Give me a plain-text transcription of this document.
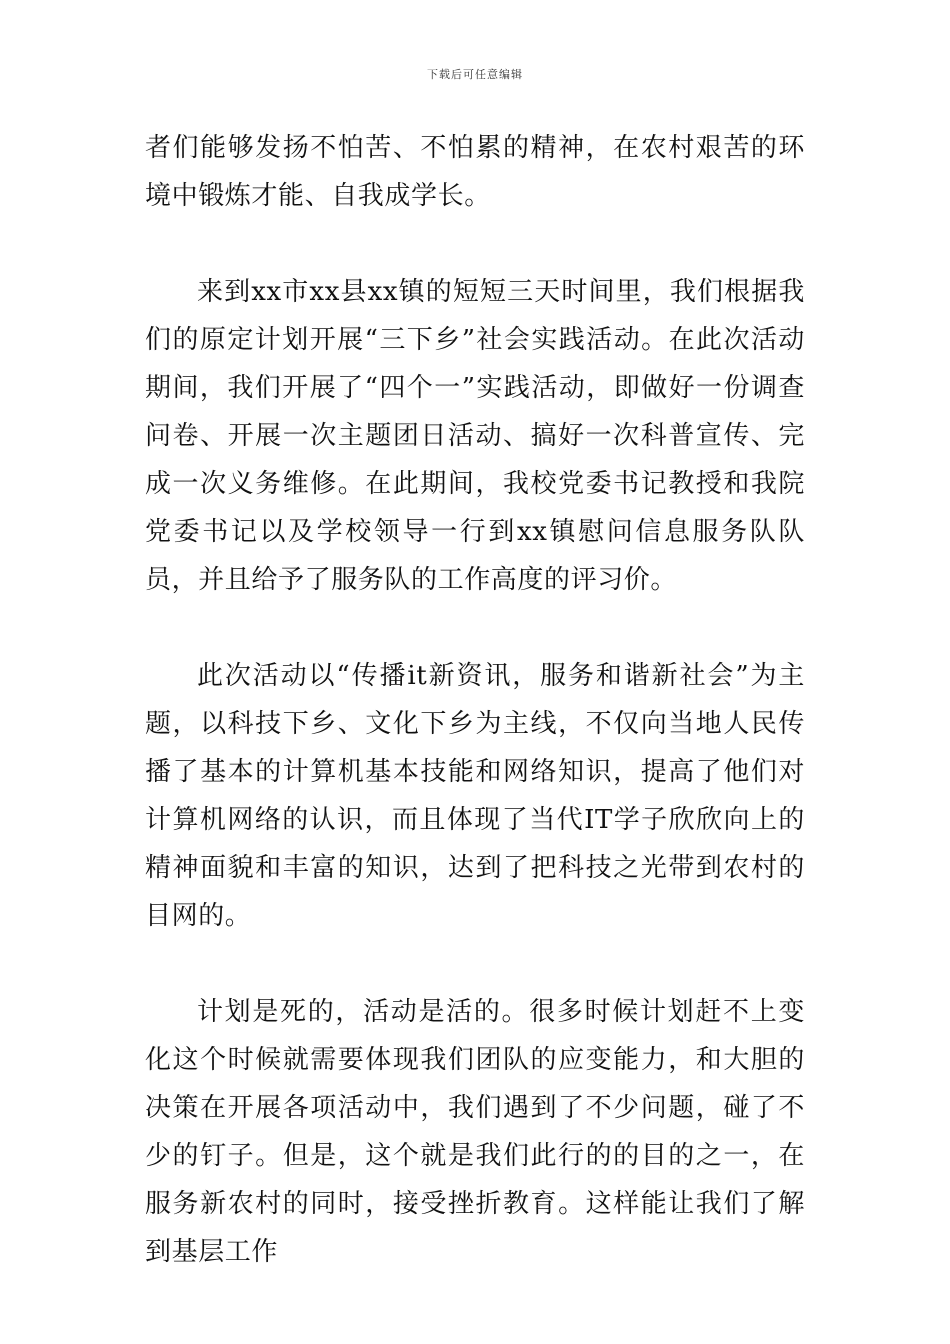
下载后可任意编辑

者们能够发扬不怕苦、不怕累的精神，在农村艰苦的环境中锻炼才能、自我成学长。

来到xx市xx县xx镇的短短三天时间里，我们根据我们的原定计划开展“三下乡”社会实践活动。在此次活动期间，我们开展了“四个一”实践活动，即做好一份调查问卷、开展一次主题团日活动、搞好一次科普宣传、完成一次义务维修。在此期间，我校党委书记教授和我院党委书记以及学校领导一行到xx镇慰问信息服务队队员，并且给予了服务队的工作高度的评习价。

此次活动以“传播it新资讯，服务和谐新社会”为主题，以科技下乡、文化下乡为主线，不仅向当地人民传播了基本的计算机基本技能和网络知识，提高了他们对计算机网络的认识，而且体现了当代IT学子欣欣向上的精神面貌和丰富的知识，达到了把科技之光带到农村的目网的。

计划是死的，活动是活的。很多时候计划赶不上变化这个时候就需要体现我们团队的应变能力，和大胆的决策在开展各项活动中，我们遇到了不少问题，碰了不少的钉子。但是，这个就是我们此行的的目的之一，在服务新农村的同时，接受挫折教育。这样能让我们了解到基层工作
